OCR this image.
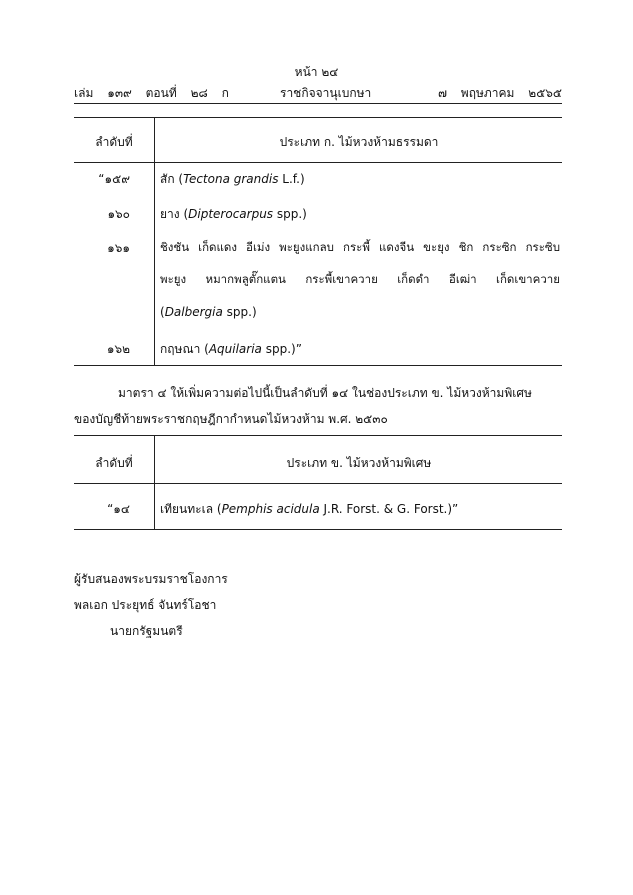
หน้า ๒๔
เล่ม ๑๓๙ ตอนที่ ๒๘ ก	ราชกิจจานุเบกษา	๗ พฤษภาคม ๒๕๖๕
ลำดับที่	ประเภท ก. ไม้หวงห้ามธรรมดา
“๑๕๙	สัก (Tectona grandis L.f.)
๑๖๐	ยาง (Dipterocarpus spp.)
๑๖๑	ชิงชัน เก็ดแดง อีเม่ง พะยูงแกลบ กระพี้ แดงจีน ขะยุง ชิก กระซิก กระซิบ
พะยูง หมากพลูตั๊กแตน กระพี้เขาควาย เก็ดดำ อีเฒ่า เก็ดเขาควาย
(Dalbergia spp.)
๑๖๒	กฤษณา (Aquilaria spp.)”
มาตรา ๔ ให้เพิ่มความต่อไปนี้เป็นลำดับที่ ๑๔ ในช่องประเภท ข. ไม้หวงห้ามพิเศษ
ของบัญชีท้ายพระราชกฤษฎีกากำหนดไม้หวงห้าม พ.ศ. ๒๕๓๐
ลำดับที่	ประเภท ข. ไม้หวงห้ามพิเศษ
“๑๔	เทียนทะเล (Pemphis acidula J.R. Forst. & G. Forst.)”
ผู้รับสนองพระบรมราชโองการ
พลเอก ประยุทธ์ จันทร์โอชา
นายกรัฐมนตรี
